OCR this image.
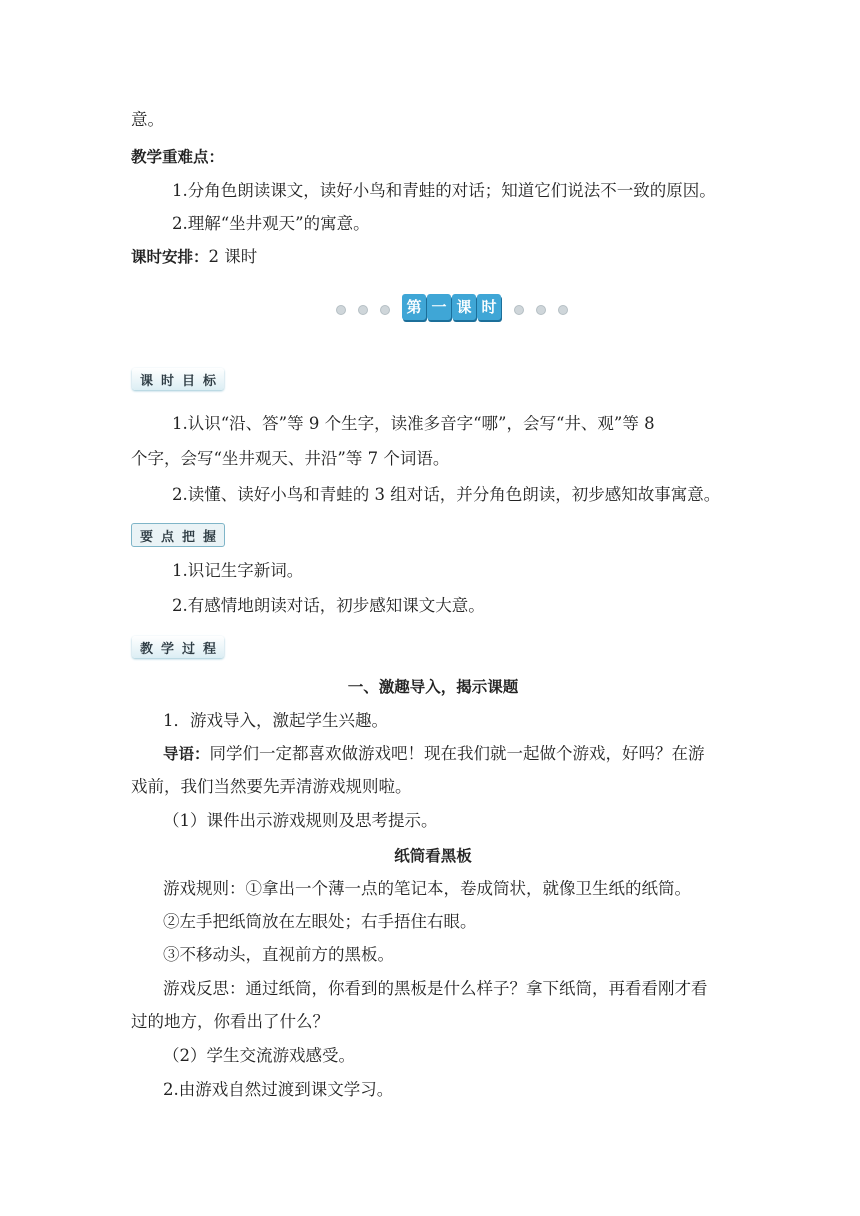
意。
教学重难点：
1.分角色朗读课文，读好小鸟和青蛙的对话；知道它们说法不一致的原因。
2.理解“坐井观天”的寓意。
课时安排：2 课时
第 一 课 时
课 时 目 标
1.认识“沿、答”等 9 个生字，读准多音字“哪”，会写“井、观”等 8
个字，会写“坐井观天、井沿”等 7 个词语。
2.读懂、读好小鸟和青蛙的 3 组对话，并分角色朗读，初步感知故事寓意。
要 点 把 握
1.识记生字新词。
2.有感情地朗读对话，初步感知课文大意。
教 学 过 程
一、激趣导入，揭示课题
1．游戏导入，激起学生兴趣。
导语：同学们一定都喜欢做游戏吧！现在我们就一起做个游戏，好吗？在游
戏前，我们当然要先弄清游戏规则啦。
（1）课件出示游戏规则及思考提示。
纸筒看黑板
游戏规则：①拿出一个薄一点的笔记本，卷成筒状，就像卫生纸的纸筒。
②左手把纸筒放在左眼处；右手捂住右眼。
③不移动头，直视前方的黑板。
游戏反思：通过纸筒，你看到的黑板是什么样子？拿下纸筒，再看看刚才看
过的地方，你看出了什么？
（2）学生交流游戏感受。
2.由游戏自然过渡到课文学习。
